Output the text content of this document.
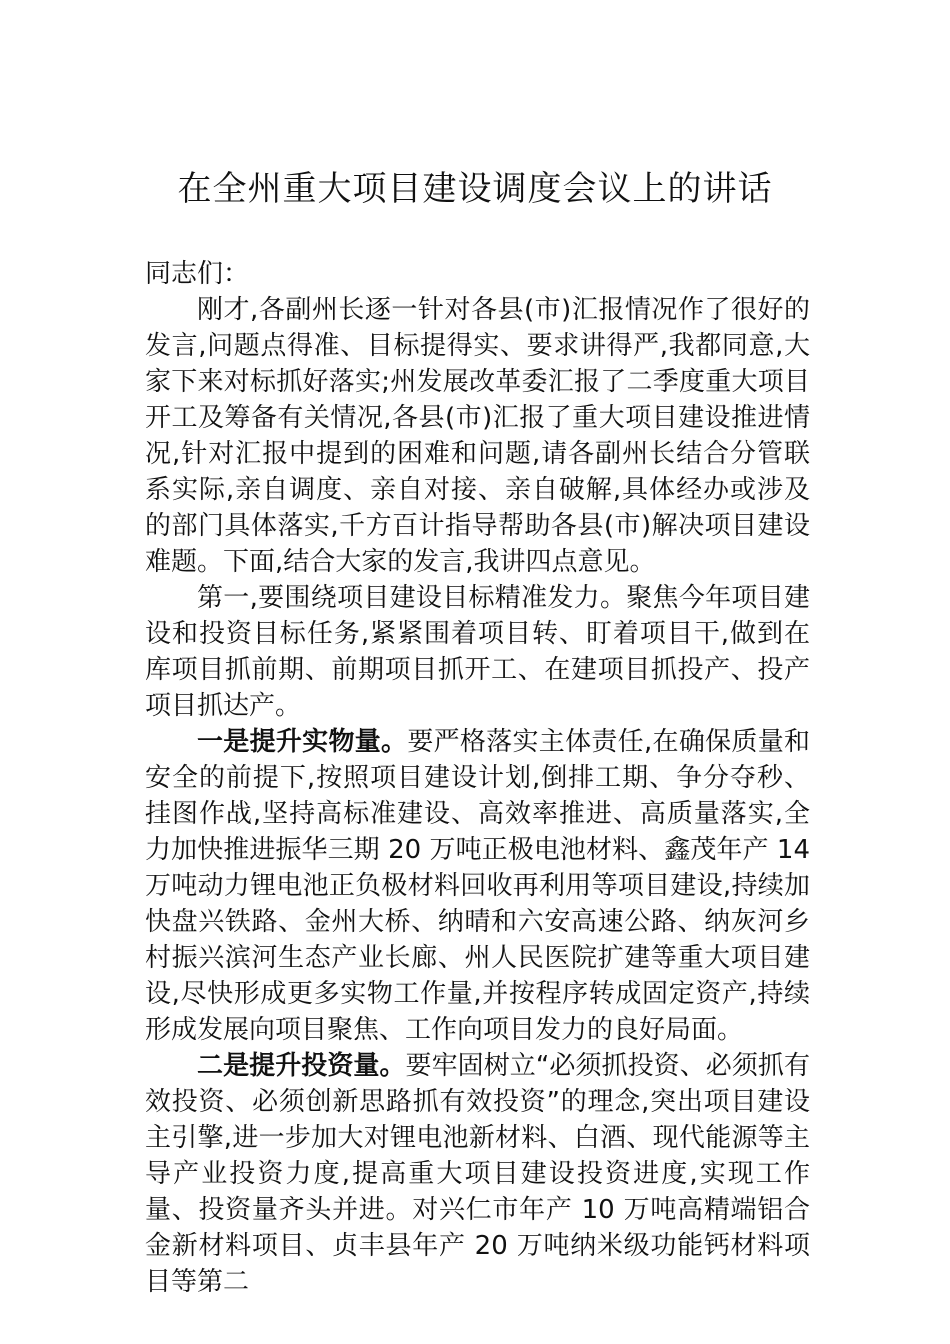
在全州重大项目建设调度会议上的讲话

同志们：

刚才,各副州长逐一针对各县(市)汇报情况作了很好的发言,问题点得准、目标提得实、要求讲得严,我都同意,大家下来对标抓好落实;州发展改革委汇报了二季度重大项目开工及筹备有关情况,各县(市)汇报了重大项目建设推进情况,针对汇报中提到的困难和问题,请各副州长结合分管联系实际,亲自调度、亲自对接、亲自破解,具体经办或涉及的部门具体落实,千方百计指导帮助各县(市)解决项目建设难题。下面,结合大家的发言,我讲四点意见。

第一,要围绕项目建设目标精准发力。聚焦今年项目建设和投资目标任务,紧紧围着项目转、盯着项目干,做到在库项目抓前期、前期项目抓开工、在建项目抓投产、投产项目抓达产。

一是提升实物量。要严格落实主体责任,在确保质量和安全的前提下,按照项目建设计划,倒排工期、争分夺秒、挂图作战,坚持高标准建设、高效率推进、高质量落实,全力加快推进振华三期 20 万吨正极电池材料、鑫茂年产 14 万吨动力锂电池正负极材料回收再利用等项目建设,持续加快盘兴铁路、金州大桥、纳晴和六安高速公路、纳灰河乡村振兴滨河生态产业长廊、州人民医院扩建等重大项目建设,尽快形成更多实物工作量,并按程序转成固定资产,持续形成发展向项目聚焦、工作向项目发力的良好局面。

二是提升投资量。要牢固树立“必须抓投资、必须抓有效投资、必须创新思路抓有效投资”的理念,突出项目建设主引擎,进一步加大对锂电池新材料、白酒、现代能源等主导产业投资力度,提高重大项目建设投资进度,实现工作量、投资量齐头并进。对兴仁市年产 10 万吨高精端铝合金新材料项目、贞丰县年产 20 万吨纳米级功能钙材料项目等第二
